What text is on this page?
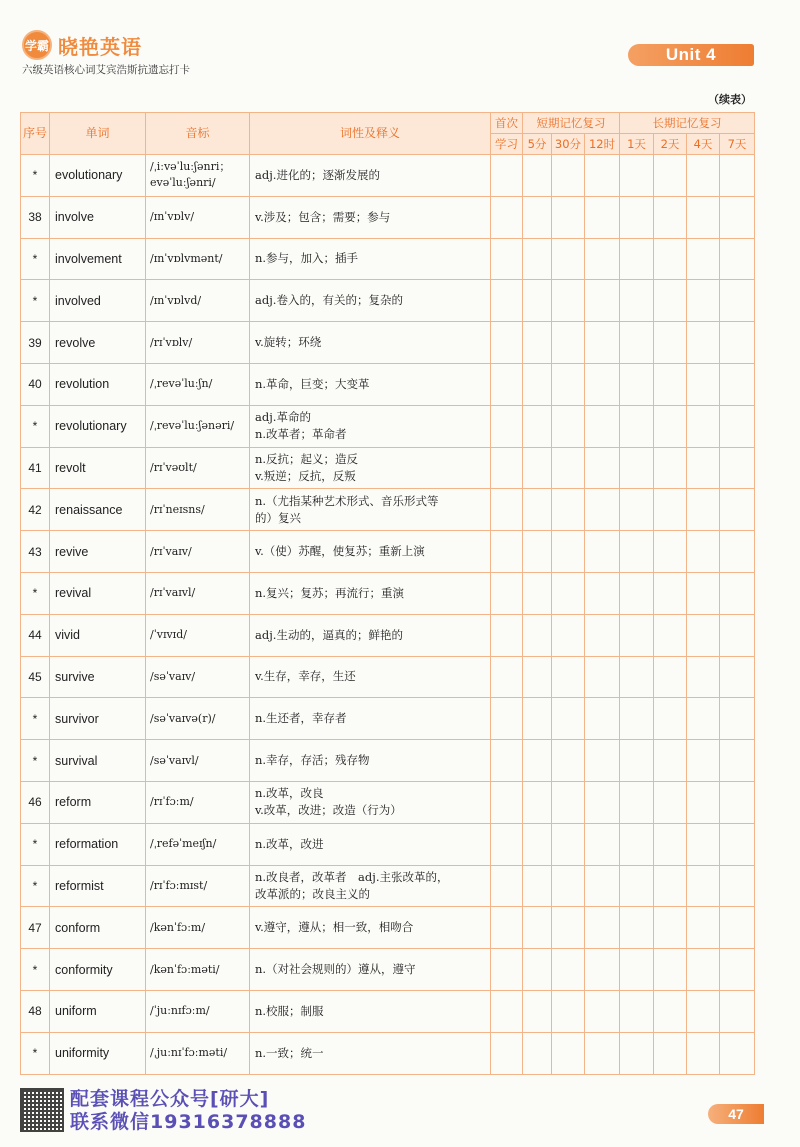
学霸 晓艳英语
六级英语核心词艾宾浩斯抗遗忘打卡
Unit 4
（续表）
序号	单词	音标	词性及释义	首次	短期记忆复习			长期记忆复习			
				学习	5分	30分	12时	1天	2天	4天	7天
*	evolutionary	/ˌiːvəˈluːʃənri；
evəˈluːʃənri/	adj.进化的；逐渐发展的								

38	involve	/ɪnˈvɒlv/	v.涉及；包含；需要；参与								

*	involvement	/ɪnˈvɒlvmənt/	n.参与，加入；插手								

*	involved	/ɪnˈvɒlvd/	adj.卷入的，有关的；复杂的								

39	revolve	/rɪˈvɒlv/	v.旋转；环绕								

40	revolution	/ˌrevəˈluːʃn/	n.革命，巨变；大变革								

*	revolutionary	/ˌrevəˈluːʃənəri/	adj.革命的
n.改革者；革命者								

41	revolt	/rɪˈvəʊlt/	n.反抗；起义；造反
v.叛逆；反抗，反叛								

42	renaissance	/rɪˈneɪsns/	n.（尤指某种艺术形式、音乐形式等
的）复兴								

43	revive	/rɪˈvaɪv/	v.（使）苏醒，使复苏；重新上演								

*	revival	/rɪˈvaɪvl/	n.复兴；复苏；再流行；重演								

44	vivid	/ˈvɪvɪd/	adj.生动的，逼真的；鲜艳的								

45	survive	/səˈvaɪv/	v.生存，幸存，生还								

*	survivor	/səˈvaɪvə(r)/	n.生还者，幸存者								

*	survival	/səˈvaɪvl/	n.幸存，存活；残存物								

46	reform	/rɪˈfɔːm/	n.改革，改良
v.改革，改进；改造（行为）								

*	reformation	/ˌrefəˈmeɪʃn/	n.改革，改进								

*	reformist	/rɪˈfɔːmɪst/	n.改良者，改革者　adj.主张改革的，
改革派的；改良主义的								

47	conform	/kənˈfɔːm/	v.遵守，遵从；相一致，相吻合								

*	conformity	/kənˈfɔːməti/	n.（对社会规则的）遵从，遵守								

48	uniform	/ˈjuːnɪfɔːm/	n.校服；制服								

*	uniformity	/ˌjuːnɪˈfɔːməti/	n.一致；统一								

配套课程公众号[研大]
联系微信19316378888	47
